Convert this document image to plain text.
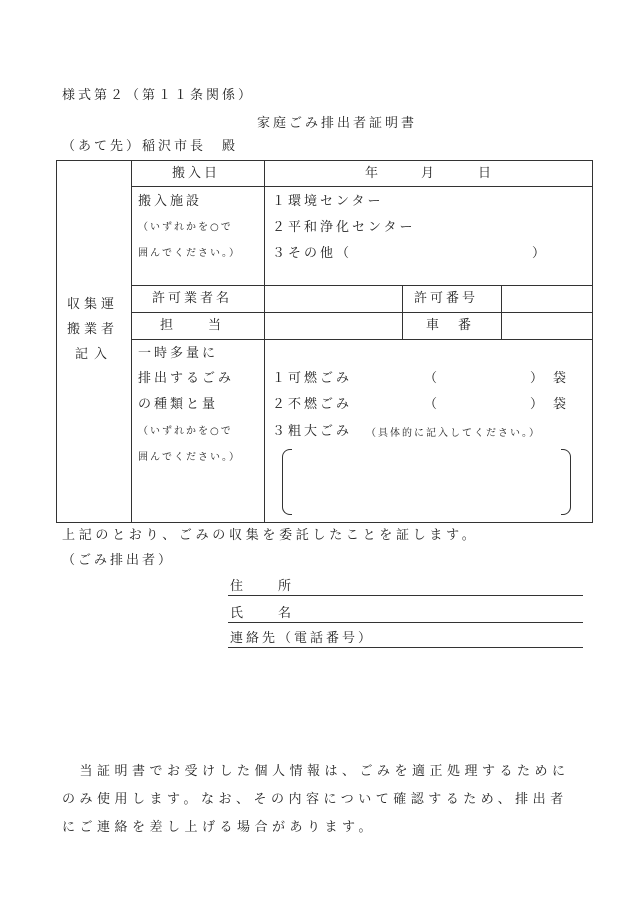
様式第２（第１１条関係）
家庭ごみ排出者証明書
（あて先）稲沢市長　殿
収集運
搬業者
記入
搬入日	年	月	日
搬入施設
（いずれかを○で
囲んでください。）
１環境センター
２平和浄化センター
３その他（	）
許可業者名	許可番号
担　　当	車　番
一時多量に
排出するごみ
の種類と量
（いずれかを○で
囲んでください。）
１可燃ごみ	（	） 袋
２不燃ごみ	（	） 袋
３粗大ごみ （具体的に記入してください。）
上記のとおり、ごみの収集を委託したことを証します。
（ごみ排出者）
住　　所
氏　　名
連絡先（電話番号）
　当証明書でお受けした個人情報は、ごみを適正処理するためにのみ使用します。なお、その内容について確認するため、排出者にご連絡を差し上げる場合があります。
